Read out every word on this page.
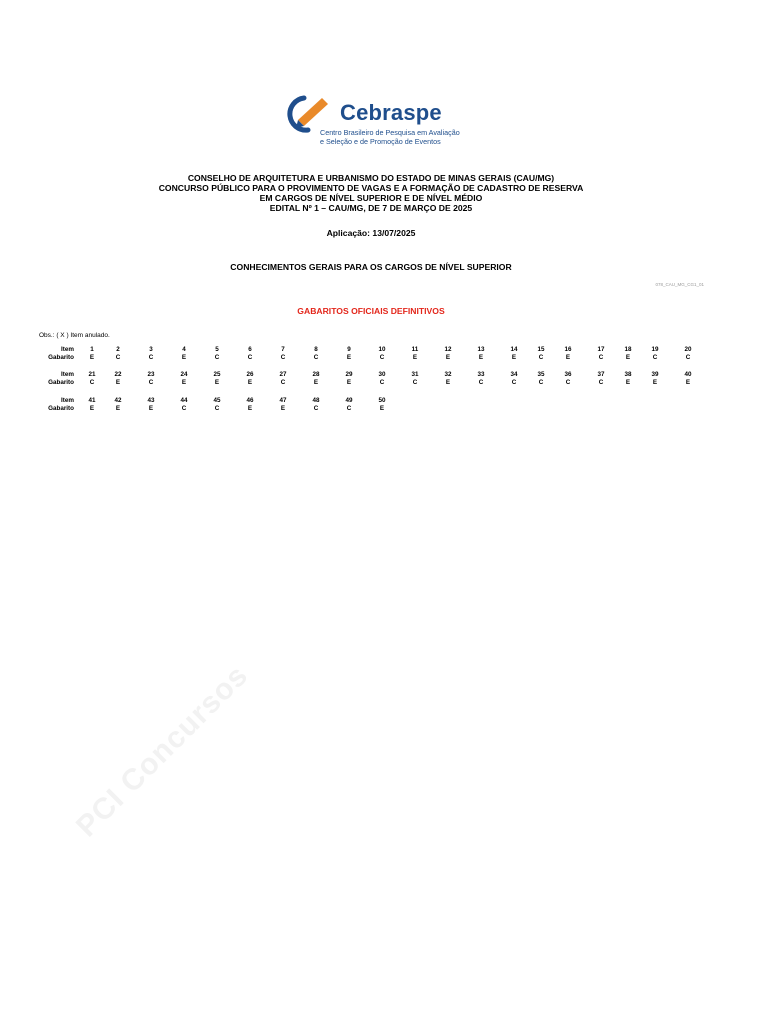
Cebraspe
Centro Brasileiro de Pesquisa em Avaliação
e Seleção e de Promoção de Eventos
CONSELHO DE ARQUITETURA E URBANISMO DO ESTADO DE MINAS GERAIS (CAU/MG)
CONCURSO PÚBLICO PARA O PROVIMENTO DE VAGAS E A FORMAÇÃO DE CADASTRO DE RESERVA
EM CARGOS DE NÍVEL SUPERIOR E DE NÍVEL MÉDIO
EDITAL Nº 1 – CAU/MG, DE 7 DE MARÇO DE 2025
Aplicação: 13/07/2025
CONHECIMENTOS GERAIS PARA OS CARGOS DE NÍVEL SUPERIOR
078_CAU_MG_CG1_01
GABARITOS OFICIAIS DEFINITIVOS
Obs.: ( X ) Item anulado.
Item
Gabarito
1
E
2
C
3
C
4
E
5
C
6
C
7
C
8
C
9
E
10
C
11
E
12
E
13
E
14
E
15
C
16
E
17
C
18
E
19
C
20
C
Item
Gabarito
21
C
22
E
23
C
24
E
25
E
26
E
27
C
28
E
29
E
30
C
31
C
32
E
33
C
34
C
35
C
36
C
37
C
38
E
39
E
40
E
Item
Gabarito
41
E
42
E
43
E
44
C
45
C
46
E
47
E
48
C
49
C
50
E
PCI Concursos
